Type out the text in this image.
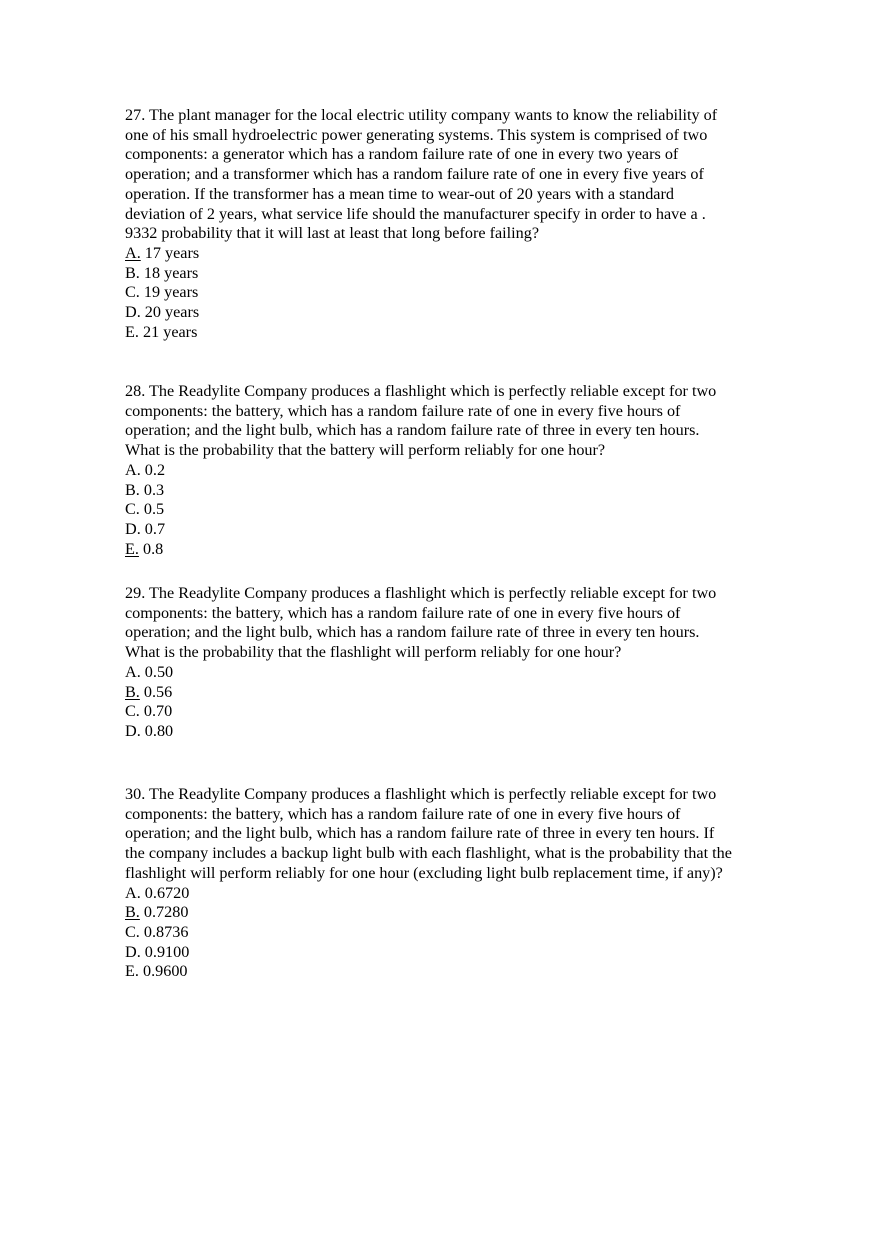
27. The plant manager for the local electric utility company wants to know the reliability of
one of his small hydroelectric power generating systems. This system is comprised of two
components: a generator which has a random failure rate of one in every two years of
operation; and a transformer which has a random failure rate of one in every five years of
operation. If the transformer has a mean time to wear-out of 20 years with a standard
deviation of 2 years, what service life should the manufacturer specify in order to have a .
9332 probability that it will last at least that long before failing?

A. 17 years
B. 18 years
C. 19 years
D. 20 years
E. 21 years

28. The Readylite Company produces a flashlight which is perfectly reliable except for two
components: the battery, which has a random failure rate of one in every five hours of
operation; and the light bulb, which has a random failure rate of three in every ten hours.
What is the probability that the battery will perform reliably for one hour?

A. 0.2
B. 0.3
C. 0.5
D. 0.7
E. 0.8

29. The Readylite Company produces a flashlight which is perfectly reliable except for two
components: the battery, which has a random failure rate of one in every five hours of
operation; and the light bulb, which has a random failure rate of three in every ten hours.
What is the probability that the flashlight will perform reliably for one hour?

A. 0.50
B. 0.56
C. 0.70
D. 0.80

30. The Readylite Company produces a flashlight which is perfectly reliable except for two
components: the battery, which has a random failure rate of one in every five hours of
operation; and the light bulb, which has a random failure rate of three in every ten hours. If
the company includes a backup light bulb with each flashlight, what is the probability that the
flashlight will perform reliably for one hour (excluding light bulb replacement time, if any)?

A. 0.6720
B. 0.7280
C. 0.8736
D. 0.9100
E. 0.9600
